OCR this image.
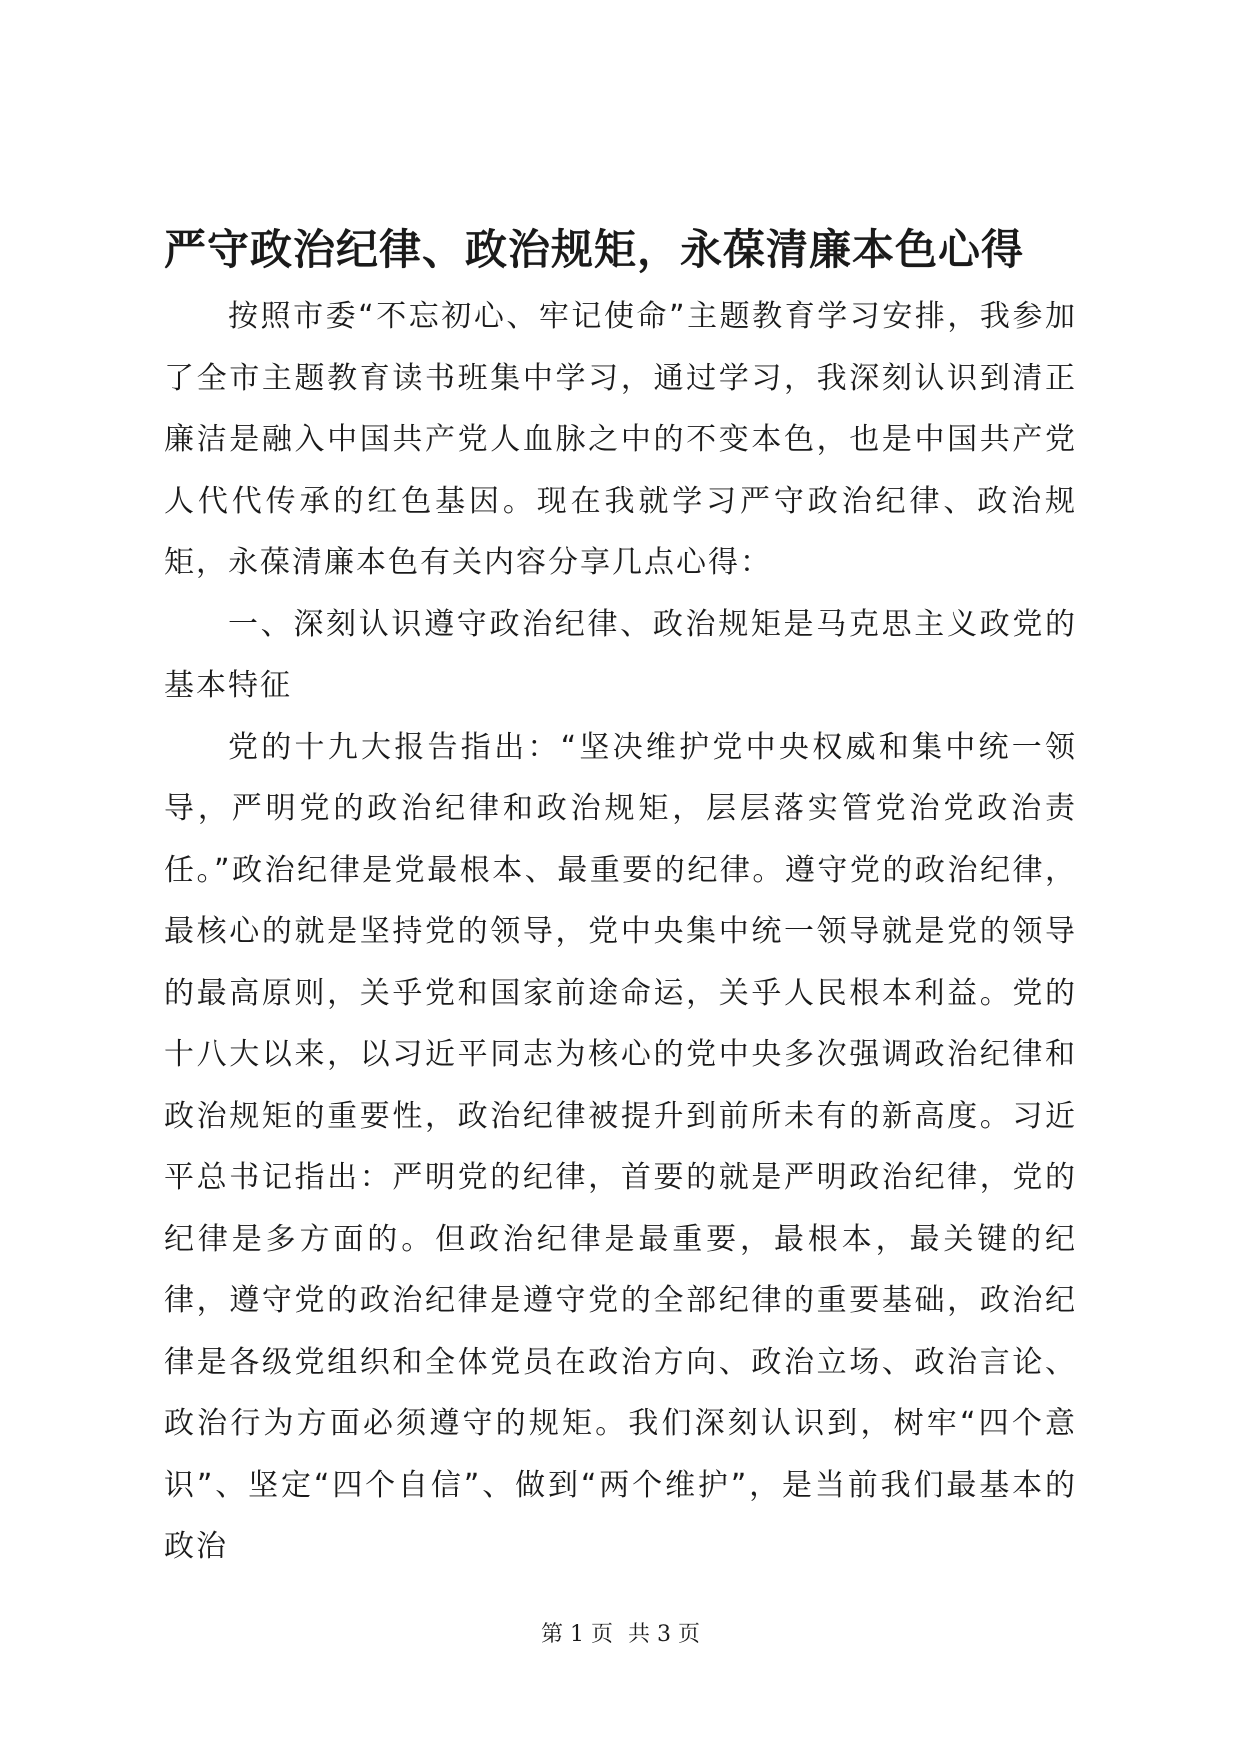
严守政治纪律、政治规矩，永葆清廉本色心得

按照市委“不忘初心、牢记使命”主题教育学习安排，我参加了全市主题教育读书班集中学习，通过学习，我深刻认识到清正廉洁是融入中国共产党人血脉之中的不变本色，也是中国共产党人代代传承的红色基因。现在我就学习严守政治纪律、政治规矩，永葆清廉本色有关内容分享几点心得：

一、深刻认识遵守政治纪律、政治规矩是马克思主义政党的基本特征

党的十九大报告指出：“坚决维护党中央权威和集中统一领导，严明党的政治纪律和政治规矩，层层落实管党治党政治责任。”政治纪律是党最根本、最重要的纪律。遵守党的政治纪律，最核心的就是坚持党的领导，党中央集中统一领导就是党的领导的最高原则，关乎党和国家前途命运，关乎人民根本利益。党的十八大以来，以习近平同志为核心的党中央多次强调政治纪律和政治规矩的重要性，政治纪律被提升到前所未有的新高度。习近平总书记指出：严明党的纪律，首要的就是严明政治纪律，党的纪律是多方面的。但政治纪律是最重要，最根本，最关键的纪律，遵守党的政治纪律是遵守党的全部纪律的重要基础，政治纪律是各级党组织和全体党员在政治方向、政治立场、政治言论、政治行为方面必须遵守的规矩。我们深刻认识到，树牢“四个意识”、坚定“四个自信”、做到“两个维护”，是当前我们最基本的政治

第 1 页 共 3 页
